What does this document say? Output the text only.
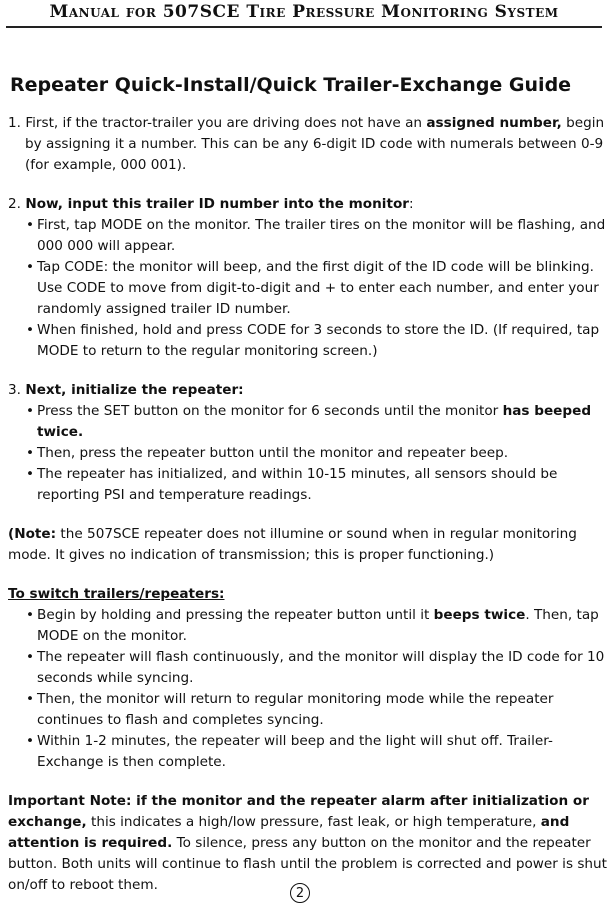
Manual for 507SCE Tire Pressure Monitoring System
Repeater Quick-Install/Quick Trailer-Exchange Guide

1. First, if the tractor-trailer you are driving does not have an assigned number, begin by assigning it a number. This can be any 6-digit ID code with numerals between 0-9 (for example, 000 001).

2. Now, input this trailer ID number into the monitor:

• First, tap MODE on the monitor. The trailer tires on the monitor will be flashing, and 000 000 will appear.

• Tap CODE: the monitor will beep, and the first digit of the ID code will be blinking. Use CODE to move from digit-to-digit and + to enter each number, and enter your randomly assigned trailer ID number.

• When finished, hold and press CODE for 3 seconds to store the ID. (If required, tap MODE to return to the regular monitoring screen.)

3. Next, initialize the repeater:

• Press the SET button on the monitor for 6 seconds until the monitor has beeped twice.

• Then, press the repeater button until the monitor and repeater beep.

• The repeater has initialized, and within 10-15 minutes, all sensors should be reporting PSI and temperature readings.

(Note: the 507SCE repeater does not illumine or sound when in regular monitoring mode. It gives no indication of transmission; this is proper functioning.)

To switch trailers/repeaters:

• Begin by holding and pressing the repeater button until it beeps twice. Then, tap MODE on the monitor.

• The repeater will flash continuously, and the monitor will display the ID code for 10 seconds while syncing.

• Then, the monitor will return to regular monitoring mode while the repeater continues to flash and completes syncing.

• Within 1-2 minutes, the repeater will beep and the light will shut off. Trailer-Exchange is then complete.

Important Note: if the monitor and the repeater alarm after initialization or exchange, this indicates a high/low pressure, fast leak, or high temperature, and attention is required. To silence, press any button on the monitor and the repeater button. Both units will continue to flash until the problem is corrected and power is shut on/off to reboot them.

2
